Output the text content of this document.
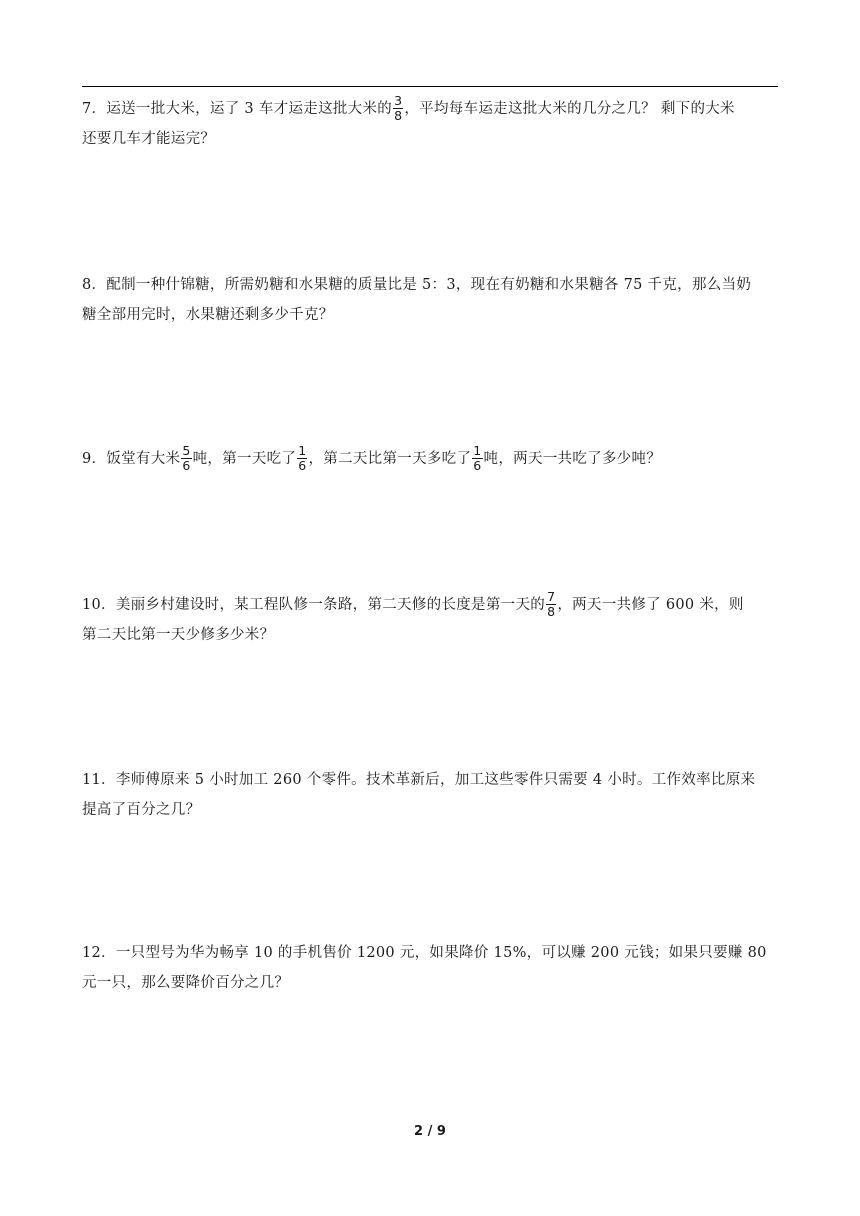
7．运送一批大米，运了 3 车才运走这批大米的 $\frac{3}{8}$ ，平均每车运走这批大米的几分之几？ 剩下的大米
还要几车才能运完？
8．配制一种什锦糖，所需奶糖和水果糖的质量比是 5：3，现在有奶糖和水果糖各 75 千克，那么当奶
糖全部用完时，水果糖还剩多少千克？
9．饭堂有大米 $\frac{5}{6}$ 吨，第一天吃了 $\frac{1}{6}$ ，第二天比第一天多吃了 $\frac{1}{6}$ 吨，两天一共吃了多少吨？
10．美丽乡村建设时，某工程队修一条路，第二天修的长度是第一天的 $\frac{7}{8}$ ，两天一共修了 600 米，则
第二天比第一天少修多少米？
11．李师傅原来 5 小时加工 260 个零件。技术革新后，加工这些零件只需要 4 小时。工作效率比原来
提高了百分之几？
12．一只型号为华为畅享 10 的手机售价 1200 元，如果降价 15%，可以赚 200 元钱；如果只要赚 80
元一只，那么要降价百分之几？
2 / 9
